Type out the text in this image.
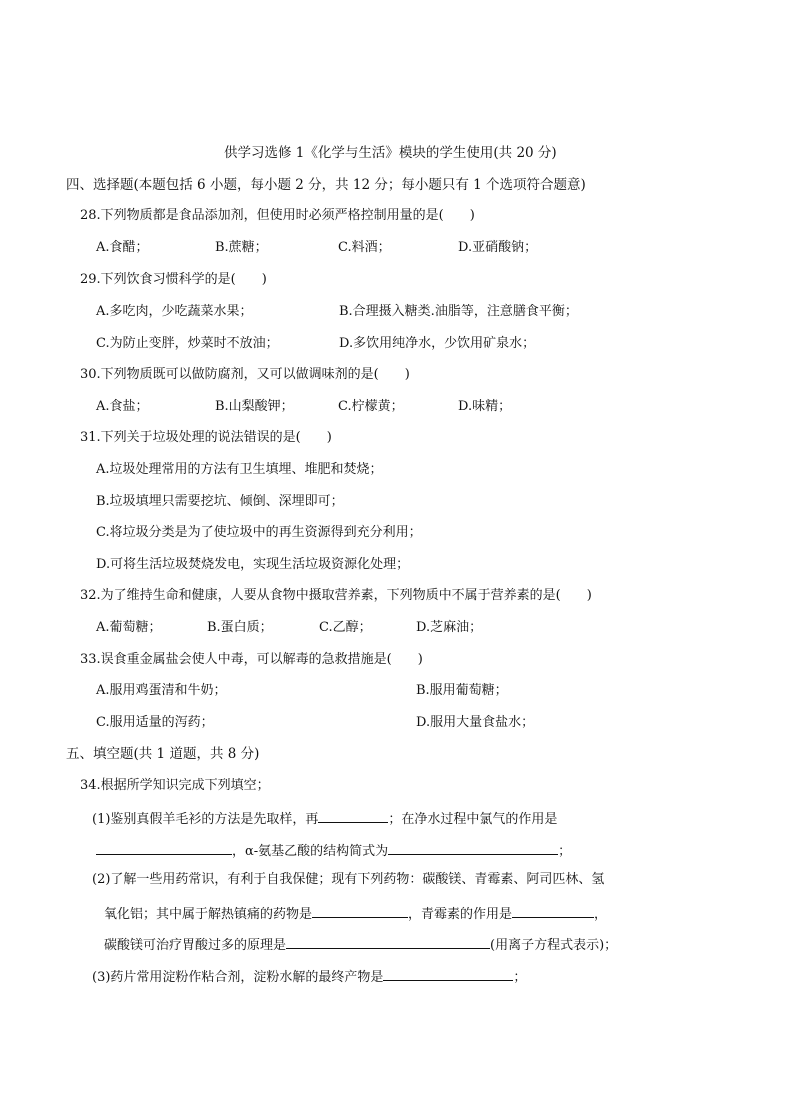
供学习选修 1《化学与生活》模块的学生使用(共 20 分)
四、选择题(本题包括 6 小题，每小题 2 分，共 12 分；每小题只有 1 个选项符合题意)
28.下列物质都是食品添加剂，但使用时必须严格控制用量的是(　　)
A.食醋；	B.蔗糖；	C.料酒；	D.亚硝酸钠；
29.下列饮食习惯科学的是(　　)
A.多吃肉，少吃蔬菜水果；	B.合理摄入糖类.油脂等，注意膳食平衡；
C.为防止变胖，炒菜时不放油；	D.多饮用纯净水，少饮用矿泉水；
30.下列物质既可以做防腐剂，又可以做调味剂的是(　　)
A.食盐；	B.山梨酸钾；	C.柠檬黄；	D.味精；
31.下列关于垃圾处理的说法错误的是(　　)
A.垃圾处理常用的方法有卫生填埋、堆肥和焚烧；
B.垃圾填埋只需要挖坑、倾倒、深埋即可；
C.将垃圾分类是为了使垃圾中的再生资源得到充分利用；
D.可将生活垃圾焚烧发电，实现生活垃圾资源化处理；
32.为了维持生命和健康，人要从食物中摄取营养素，下列物质中不属于营养素的是(　　)
A.葡萄糖；	B.蛋白质；	C.乙醇；	D.芝麻油；
33.误食重金属盐会使人中毒，可以解毒的急救措施是(　　)
A.服用鸡蛋清和牛奶；	B.服用葡萄糖；
C.服用适量的泻药；	D.服用大量食盐水；
五、填空题(共 1 道题，共 8 分)
34.根据所学知识完成下列填空；
(1)鉴别真假羊毛衫的方法是先取样，再	；在净水过程中氯气的作用是
，α-氨基乙酸的结构简式为	；
(2)了解一些用药常识，有利于自我保健；现有下列药物：碳酸镁、青霉素、阿司匹林、氢
氧化铝；其中属于解热镇痛的药物是	，青霉素的作用是	，
碳酸镁可治疗胃酸过多的原理是	(用离子方程式表示)；
(3)药片常用淀粉作粘合剂，淀粉水解的最终产物是	；
